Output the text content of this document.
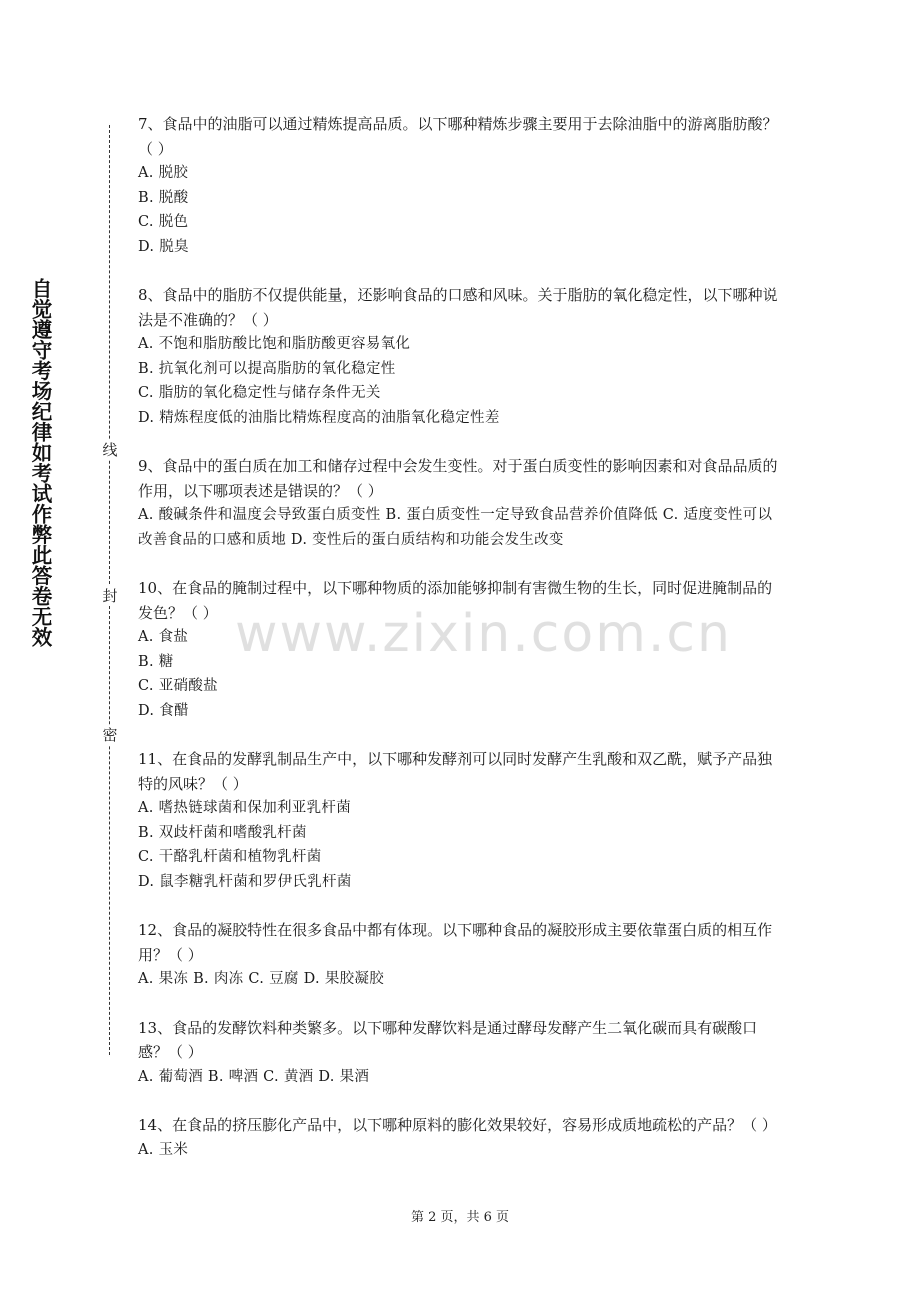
自觉遵守考场纪律如考试作弊此答卷无效	线
封
密

7、食品中的油脂可以通过精炼提高品质。以下哪种精炼步骤主要用于去除油脂中的游离脂肪酸？（ ）

A. 脱胶

B. 脱酸

C. 脱色

D. 脱臭

8、食品中的脂肪不仅提供能量，还影响食品的口感和风味。关于脂肪的氧化稳定性，以下哪种说法是不准确的？（ ）

A. 不饱和脂肪酸比饱和脂肪酸更容易氧化

B. 抗氧化剂可以提高脂肪的氧化稳定性

C. 脂肪的氧化稳定性与储存条件无关

D. 精炼程度低的油脂比精炼程度高的油脂氧化稳定性差

9、食品中的蛋白质在加工和储存过程中会发生变性。对于蛋白质变性的影响因素和对食品品质的作用，以下哪项表述是错误的？（ ）

A. 酸碱条件和温度会导致蛋白质变性 B. 蛋白质变性一定导致食品营养价值降低 C. 适度变性可以改善食品的口感和质地 D. 变性后的蛋白质结构和功能会发生改变

10、在食品的腌制过程中，以下哪种物质的添加能够抑制有害微生物的生长，同时促进腌制品的发色？（ ）

A. 食盐

B. 糖

C. 亚硝酸盐

D. 食醋

11、在食品的发酵乳制品生产中，以下哪种发酵剂可以同时发酵产生乳酸和双乙酰，赋予产品独特的风味？（ ）

A. 嗜热链球菌和保加利亚乳杆菌

B. 双歧杆菌和嗜酸乳杆菌

C. 干酪乳杆菌和植物乳杆菌

D. 鼠李糖乳杆菌和罗伊氏乳杆菌

12、食品的凝胶特性在很多食品中都有体现。以下哪种食品的凝胶形成主要依靠蛋白质的相互作用？（ ）

A. 果冻 B. 肉冻 C. 豆腐 D. 果胶凝胶

13、食品的发酵饮料种类繁多。以下哪种发酵饮料是通过酵母发酵产生二氧化碳而具有碳酸口感？（ ）

A. 葡萄酒 B. 啤酒 C. 黄酒 D. 果酒

14、在食品的挤压膨化产品中，以下哪种原料的膨化效果较好，容易形成质地疏松的产品？（ ）

A. 玉米

www.zixin.com.cn
第 2 页，共 6 页
